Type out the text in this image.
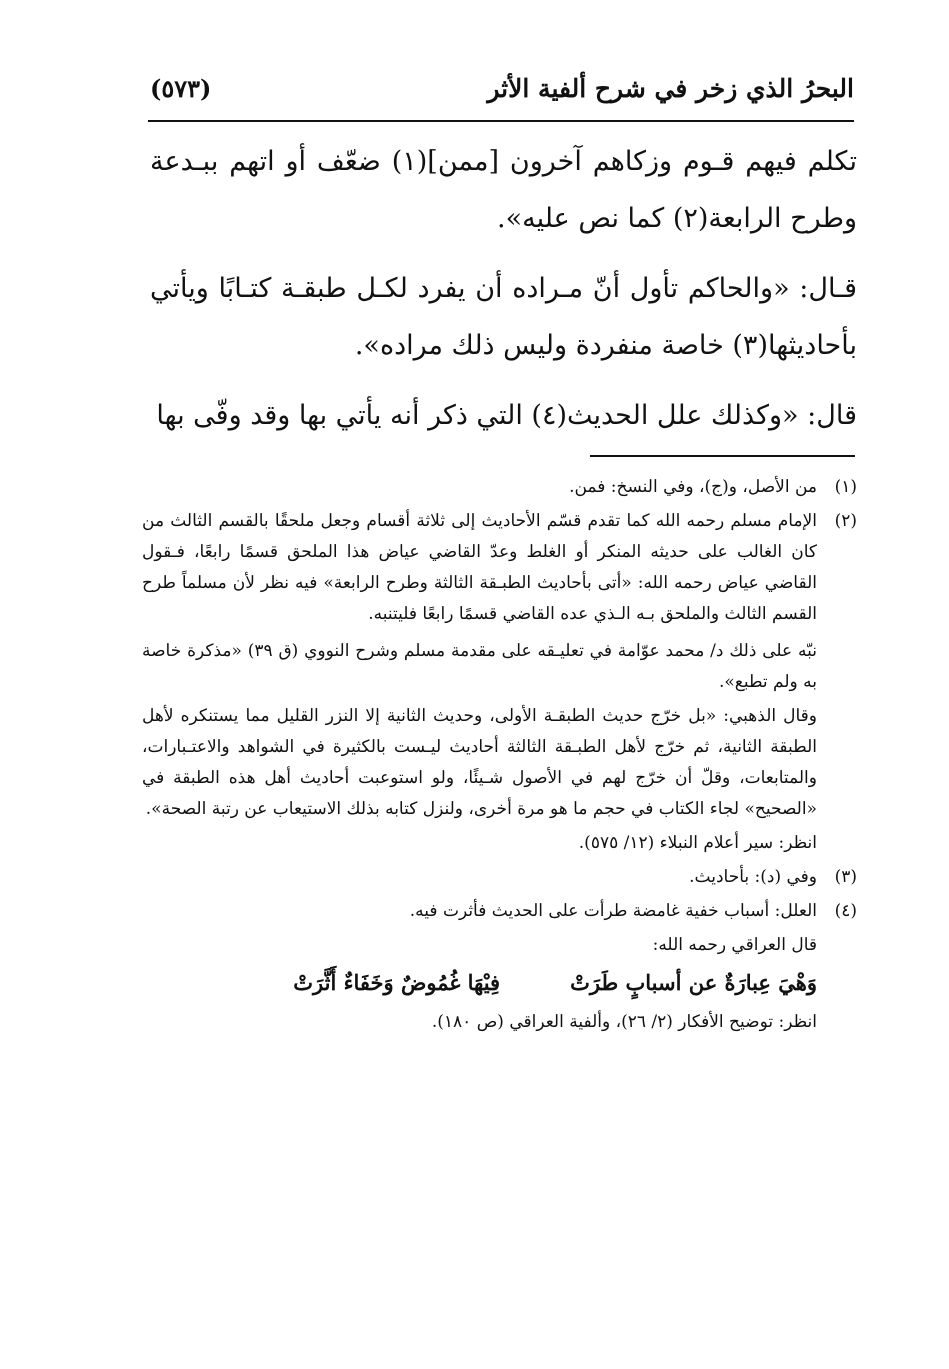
البحرُ الذي زخر في شرح ألفية الأثر
(٥٧٣)

تكلم فيهم قـوم وزكاهم آخرون [ممن](١) ضعّف أو اتهم ببـدعة وطرح الرابعة(٢) كما نص عليه».

قـال: «والحاكم تأول أنّ مـراده أن يفرد لكـل طبقـة كتـابًا ويأتي بأحاديثها(٣) خاصة منفردة وليس ذلك مراده».

قال: «وكذلك علل الحديث(٤) التي ذكر أنه يأتي بها وقد وفّى بها

(١)
من الأصل، و(ج)، وفي النسخ: فمن.
(٢)

الإمام مسلم رحمه الله كما تقدم قسّم الأحاديث إلى ثلاثة أقسام وجعل ملحقًا بالقسم الثالث من كان الغالب على حديثه المنكر أو الغلط وعدّ القاضي عياض هذا الملحق قسمًا رابعًا، فـقول القاضي عياض رحمه الله: «أتى بأحاديث الطبـقة الثالثة وطرح الرابعة» فيه نظر لأن مسلماً طرح القسم الثالث والملحق بـه الـذي عده القاضي قسمًا رابعًا فليتنبه.

نبّه على ذلك د/ محمد عوّامة في تعليـقه على مقدمة مسلم وشرح النووي (ق ٣٩) «مذكرة خاصة به ولم تطبع».

وقال الذهبي: «بل خرّج حديث الطبقـة الأولى، وحديث الثانية إلا النزر القليل مما يستنكره لأهل الطبقة الثانية، ثم خرّج لأهل الطبـقة الثالثة أحاديث ليـست بالكثيرة في الشواهد والاعتـبارات، والمتابعات، وقلّ أن خرّج لهم في الأصول شـيئًا، ولو استوعبت أحاديث أهل هذه الطبقة في «الصحيح» لجاء الكتاب في حجم ما هو مرة أخرى، ولنزل كتابه بذلك الاستيعاب عن رتبة الصحة».

انظر: سير أعلام النبلاء (١٢/ ٥٧٥).

(٣)
وفي (د): بأحاديث.
(٤)
العلل: أسباب خفية غامضة طرأت على الحديث فأثرت فيه.

قال العراقي رحمه الله:

وَهْيَ عِبارَةٌ عن أسبابٍ طَرَتْ
فِيْهَا غُمُوضٌ وَخَفَاءٌ أَثَّرَتْ

انظر: توضيح الأفكار (٢/ ٢٦)، وألفية العراقي (ص ١٨٠).
